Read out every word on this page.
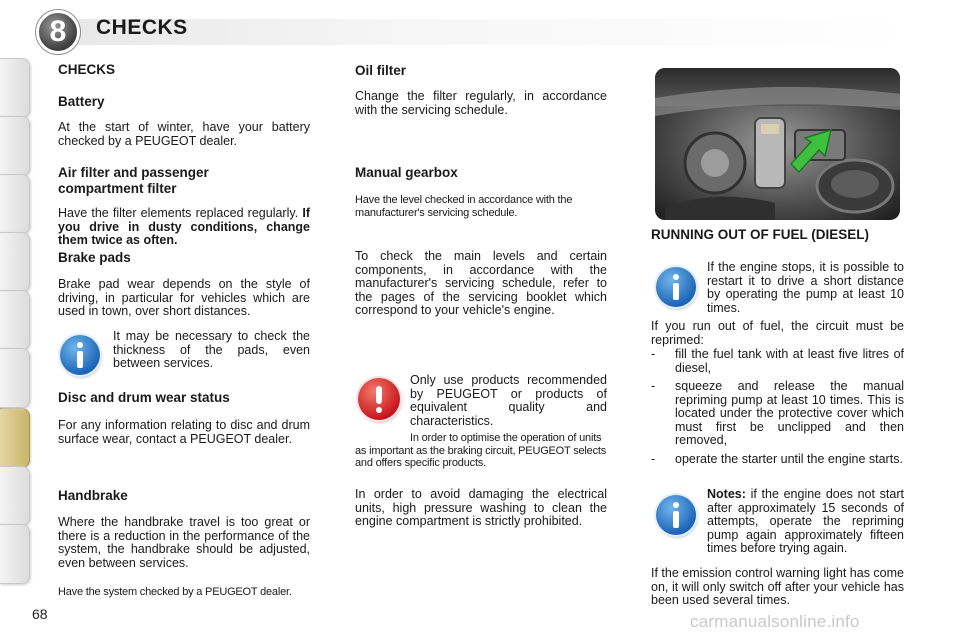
8	CHECKS
CHECKS
Battery

At the start of winter, have your battery checked by a PEUGEOT dealer.

Air filter and passenger compartment filter

Have the filter elements replaced regularly. If you drive in dusty conditions, change them twice as often.

Brake pads

Brake pad wear depends on the style of driving, in particular for vehicles which are used in town, over short distances.

It may be necessary to check the thickness of the pads, even between services.

Disc and drum wear status

For any information relating to disc and drum surface wear, contact a PEUGEOT dealer.

Handbrake

Where the handbrake travel is too great or there is a reduction in the performance of the system, the handbrake should be adjusted, even between services.

Have the system checked by a PEUGEOT dealer.

Oil filter

Change the filter regularly, in accordance with the servicing schedule.

Manual gearbox

Have the level checked in accordance with the manufacturer's servicing schedule.

To check the main levels and certain components, in accordance with the manufacturer's servicing schedule, refer to the pages of the servicing booklet which correspond to your vehicle's engine.

Only use products recommended by PEUGEOT or products of equivalent quality and characteristics.

In order to optimise the operation of units as important as the braking circuit, PEUGEOT selects and offers specific products.

In order to avoid damaging the electrical units, high pressure washing to clean the engine compartment is strictly prohibited.

RUNNING OUT OF FUEL (DIESEL)

If the engine stops, it is possible to restart it to drive a short distance by operating the pump at least 10 times.

If you run out of fuel, the circuit must be reprimed:

- fill the fuel tank with at least five litres of diesel,
- squeeze and release the manual repriming pump at least 10 times. This is located under the protective cover which must first be unclipped and then removed,
- operate the starter until the engine starts.

Notes: if the engine does not start after approximately 15 seconds of attempts, operate the repriming pump again approximately fifteen times before trying again.

If the emission control warning light has come on, it will only switch off after your vehicle has been used several times.

68	carmanualsonline.info
